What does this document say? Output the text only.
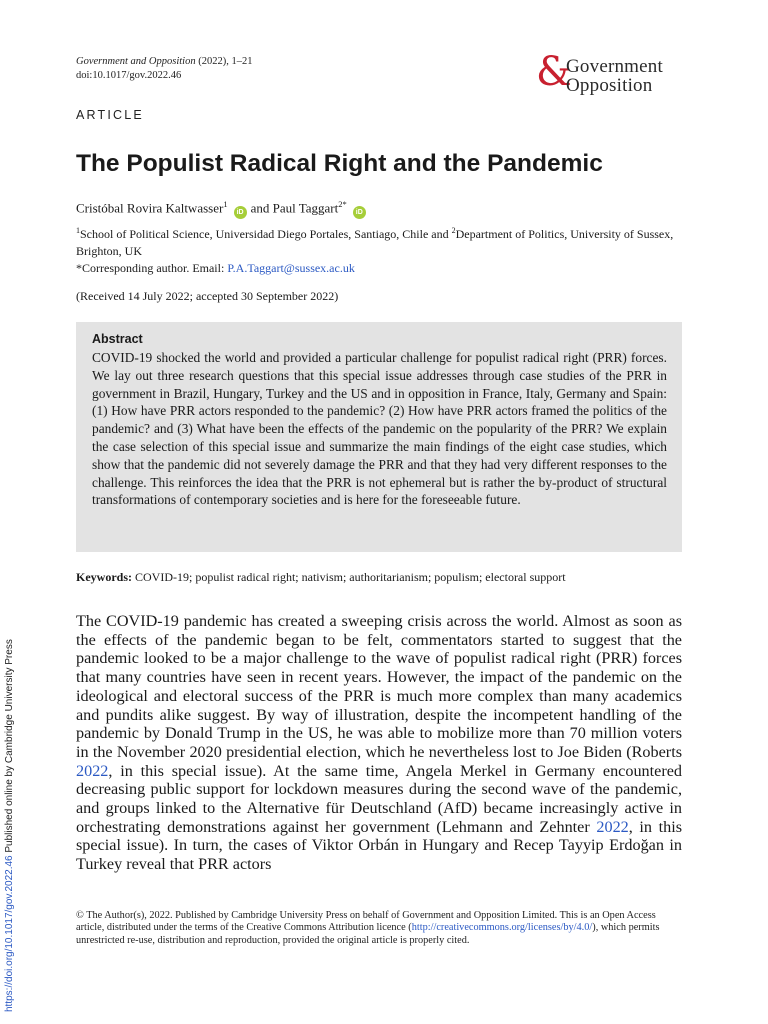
Government and Opposition (2022), 1–21
doi:10.1017/gov.2022.46	&
Government
Opposition
ARTICLE
The Populist Radical Right and the Pandemic
Cristóbal Rovira Kaltwasser$^1$iD and Paul Taggart$^{2*}$iD
$^1$School of Political Science, Universidad Diego Portales, Santiago, Chile and $^2$Department of Politics, University of Sussex, Brighton, UK
*Corresponding author. Email: P.A.Taggart@sussex.ac.uk
(Received 14 July 2022; accepted 30 September 2022)
Abstract

COVID-19 shocked the world and provided a particular challenge for populist radical right (PRR) forces. We lay out three research questions that this special issue addresses through case studies of the PRR in government in Brazil, Hungary, Turkey and the US and in opposition in France, Italy, Germany and Spain: (1) How have PRR actors responded to the pandemic? (2) How have PRR actors framed the politics of the pandemic? and (3) What have been the effects of the pandemic on the popularity of the PRR? We explain the case selection of this special issue and summarize the main findings of the eight case studies, which show that the pandemic did not severely damage the PRR and that they had very different responses to the challenge. This reinforces the idea that the PRR is not ephemeral but is rather the by-product of structural transformations of contemporary societies and is here for the foreseeable future.

Keywords: COVID-19; populist radical right; nativism; authoritarianism; populism; electoral support

The COVID-19 pandemic has created a sweeping crisis across the world. Almost as soon as the effects of the pandemic began to be felt, commentators started to suggest that the pandemic looked to be a major challenge to the wave of populist radical right (PRR) forces that many countries have seen in recent years. However, the impact of the pandemic on the ideological and electoral success of the PRR is much more complex than many academics and pundits alike suggest. By way of illustration, despite the incompetent handling of the pandemic by Donald Trump in the US, he was able to mobilize more than 70 million voters in the November 2020 presidential election, which he nevertheless lost to Joe Biden (Roberts 2022, in this special issue). At the same time, Angela Merkel in Germany encountered decreasing public support for lockdown measures during the second wave of the pandemic, and groups linked to the Alternative für Deutschland (AfD) became increasingly active in orchestrating demonstrations against her government (Lehmann and Zehnter 2022, in this special issue). In turn, the cases of Viktor Orbán in Hungary and Recep Tayyip Erdoğan in Turkey reveal that PRR actors

© The Author(s), 2022. Published by Cambridge University Press on behalf of Government and Opposition Limited. This is an Open Access article, distributed under the terms of the Creative Commons Attribution licence (http://creativecommons.org/licenses/by/4.0/), which permits unrestricted re-use, distribution and reproduction, provided the original article is properly cited.

https://doi.org/10.1017/gov.2022.46 Published online by Cambridge University Press
